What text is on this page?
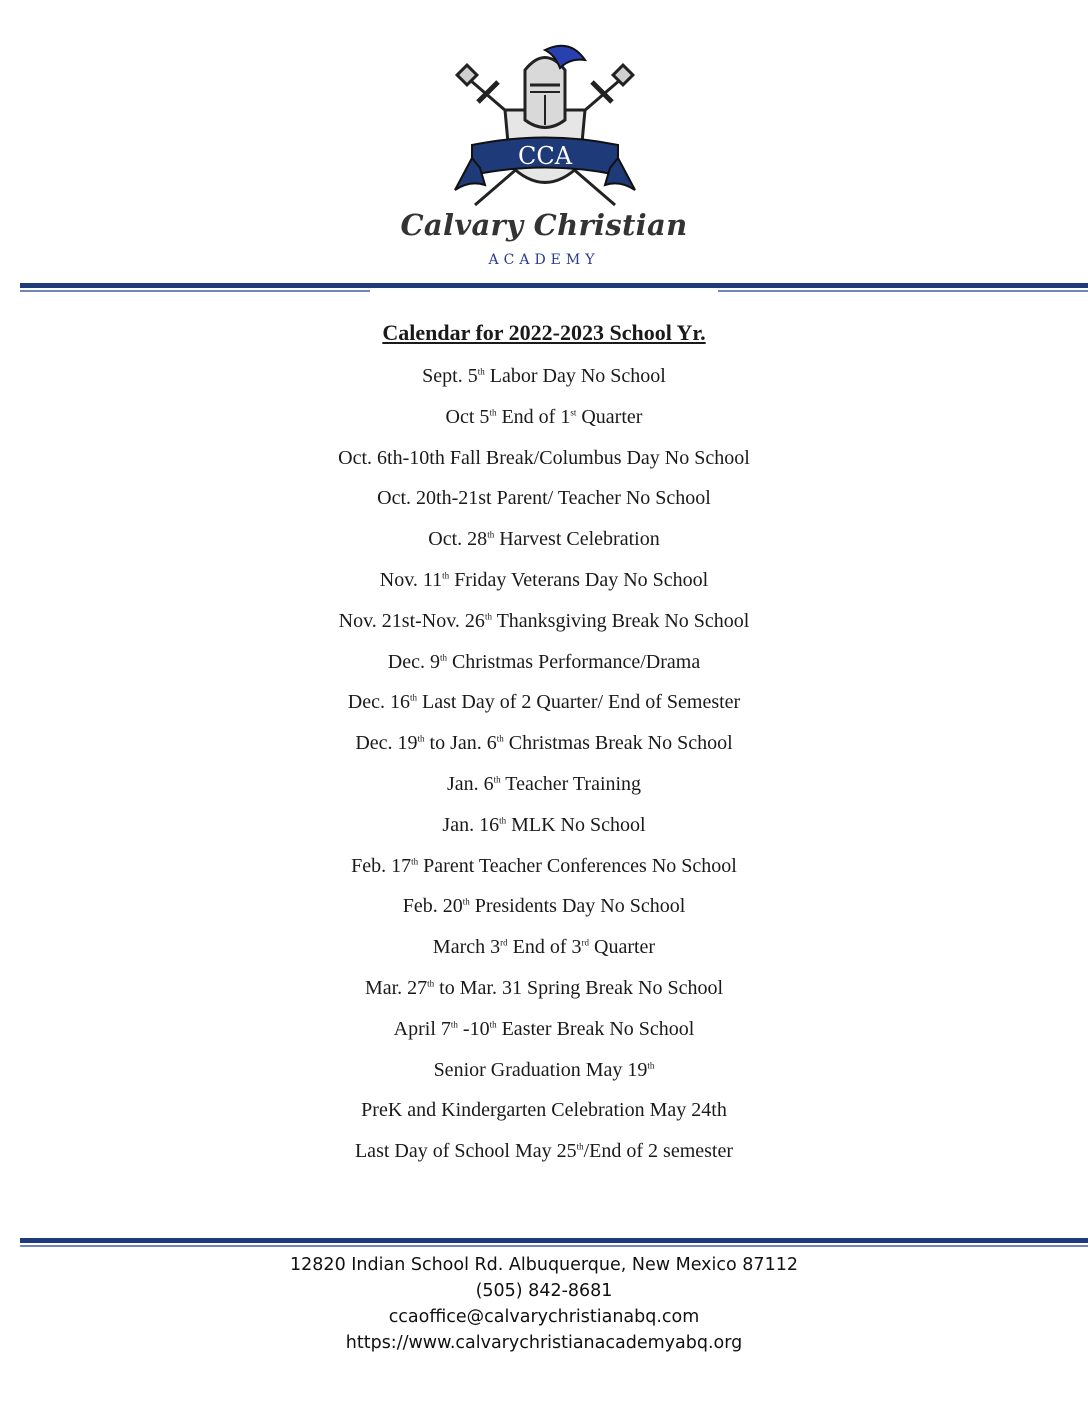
CCA
Calvary Christian
ACADEMY
Calendar for 2022-2023 School Yr.
Sept. 5th Labor Day No School
Oct 5th End of 1st Quarter
Oct. 6th-10th Fall Break/Columbus Day No School
Oct. 20th-21st Parent/ Teacher No School
Oct. 28th Harvest Celebration
Nov. 11th Friday Veterans Day No School
Nov. 21st-Nov. 26th Thanksgiving Break No School
Dec. 9th Christmas Performance/Drama
Dec. 16th Last Day of 2 Quarter/ End of Semester
Dec. 19th to Jan. 6th Christmas Break No School
Jan. 6th Teacher Training
Jan. 16th MLK No School
Feb. 17th Parent Teacher Conferences No School
Feb. 20th Presidents Day No School
March 3rd End of 3rd Quarter
Mar. 27th to Mar. 31 Spring Break No School
April 7th -10th Easter Break No School
Senior Graduation May 19th
PreK and Kindergarten Celebration May 24th
Last Day of School May 25th/End of 2 semester
12820 Indian School Rd. Albuquerque, New Mexico 87112
(505) 842-8681
ccaoffice@calvarychristianabq.com
https://www.calvarychristianacademyabq.org
